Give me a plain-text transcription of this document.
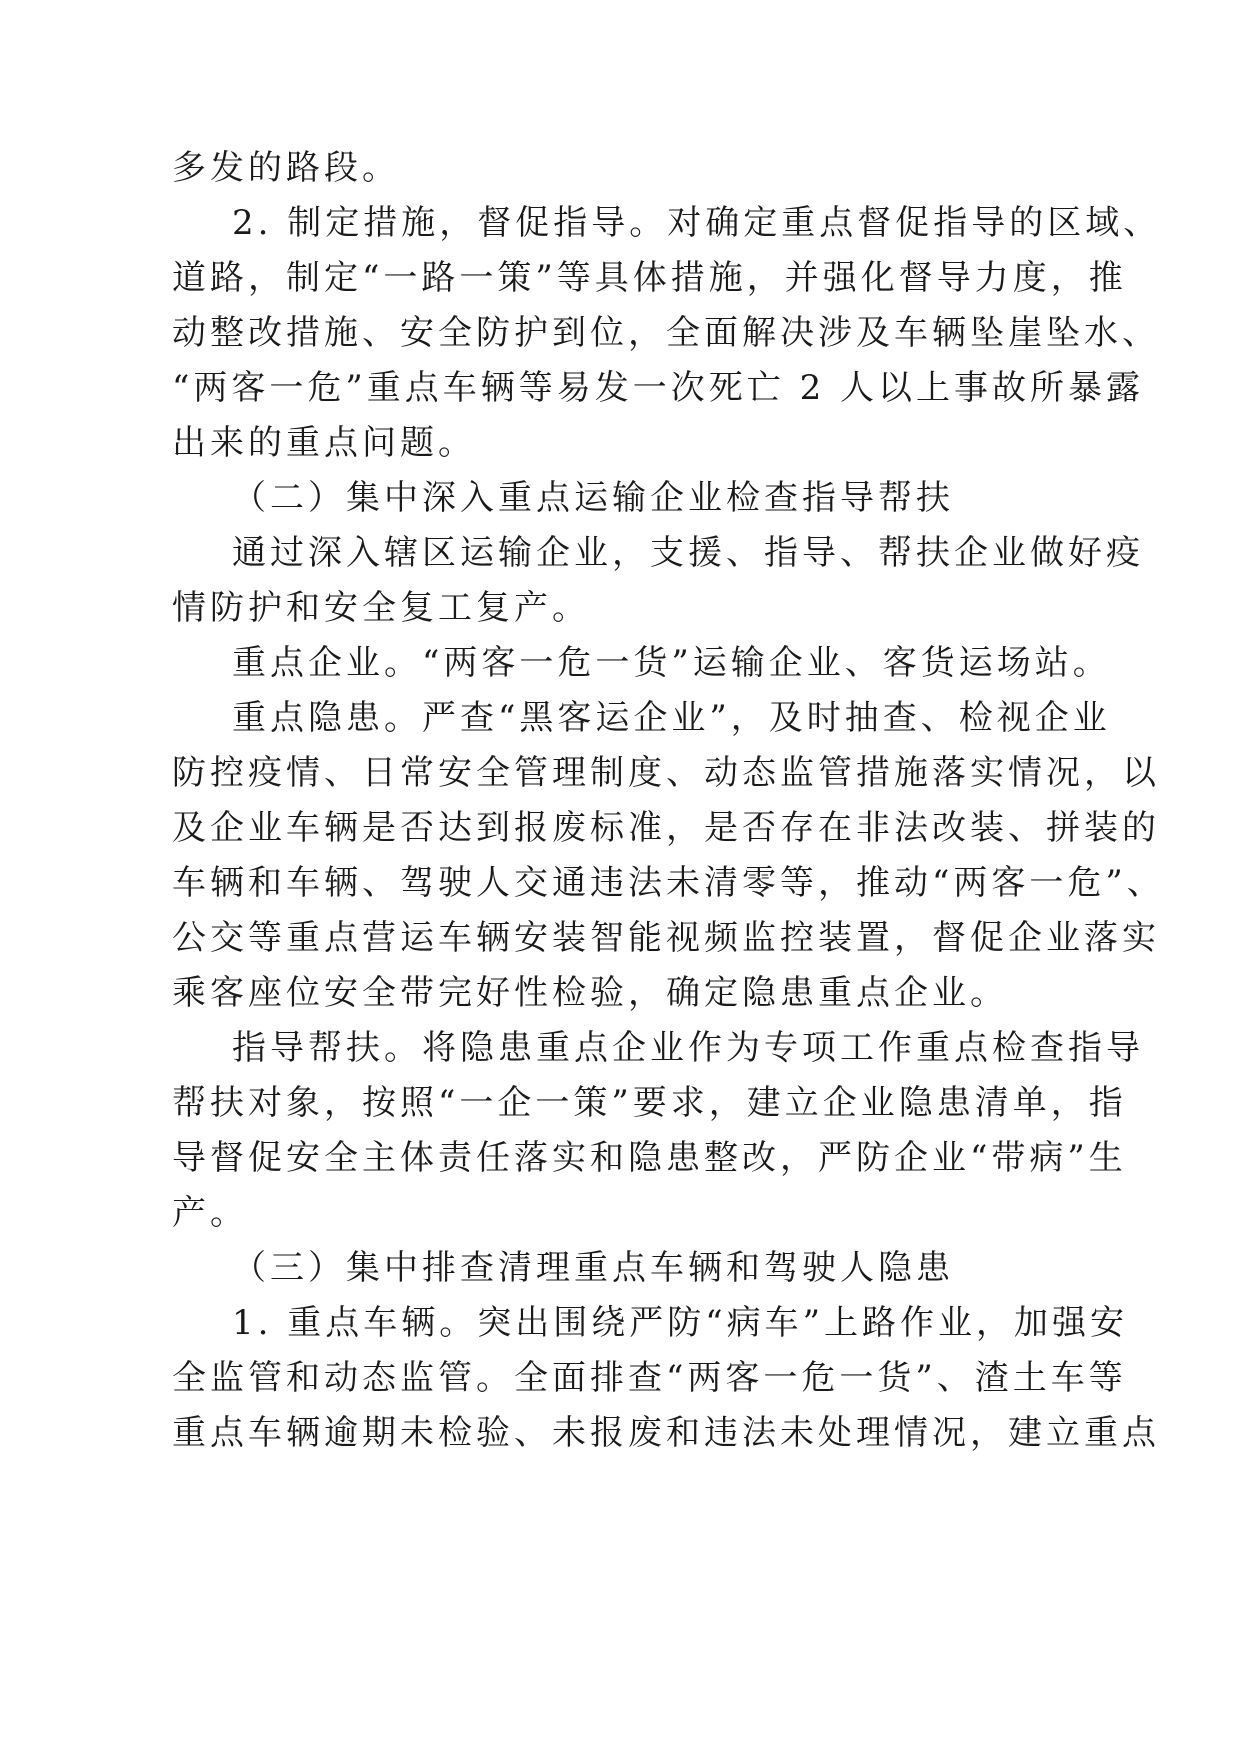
多发的路段。
2. 制定措施，督促指导。对确定重点督促指导的区域、
道路，制定“一路一策”等具体措施，并强化督导力度，推
动整改措施、安全防护到位，全面解决涉及车辆坠崖坠水、
“两客一危”重点车辆等易发一次死亡 2 人以上事故所暴露
出来的重点问题。
（二）集中深入重点运输企业检查指导帮扶
通过深入辖区运输企业，支援、指导、帮扶企业做好疫
情防护和安全复工复产。
重点企业。“两客一危一货”运输企业、客货运场站。
重点隐患。严查“黑客运企业”，及时抽查、检视企业
防控疫情、日常安全管理制度、动态监管措施落实情况，以
及企业车辆是否达到报废标准，是否存在非法改装、拼装的
车辆和车辆、驾驶人交通违法未清零等，推动“两客一危”、
公交等重点营运车辆安装智能视频监控装置，督促企业落实
乘客座位安全带完好性检验，确定隐患重点企业。
指导帮扶。将隐患重点企业作为专项工作重点检查指导
帮扶对象，按照“一企一策”要求，建立企业隐患清单，指
导督促安全主体责任落实和隐患整改，严防企业“带病”生
产。
（三）集中排查清理重点车辆和驾驶人隐患
1. 重点车辆。突出围绕严防“病车”上路作业，加强安
全监管和动态监管。全面排查“两客一危一货”、渣土车等
重点车辆逾期未检验、未报废和违法未处理情况，建立重点
